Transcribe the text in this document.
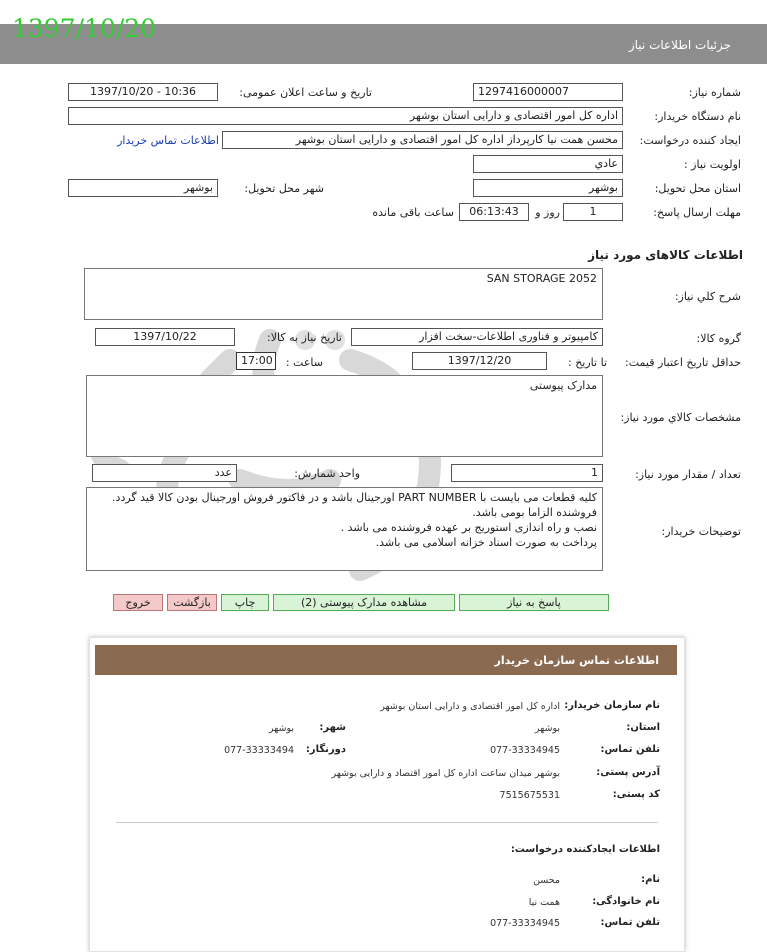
جزئیات اطلاعات نیاز
1397/10/20
شماره نیاز:
1297416000007
تاریخ و ساعت اعلان عمومی:
1397/10/20 - 10:36
نام دستگاه خریدار:
اداره کل امور اقتصادی و دارایی استان بوشهر
ایجاد کننده درخواست:
محسن همت نیا کارپرداز اداره کل امور اقتصادی و دارایی استان بوشهر
اطلاعات تماس خریدار
اولویت نیاز :
عادي
استان محل تحویل:
بوشهر
شهر محل تحویل:
بوشهر
مهلت ارسال پاسخ:
1
روز و
06:13:43
ساعت باقی مانده
اطلاعات کالاهای مورد نیاز
شرح کلي نیاز:
SAN STORAGE 2052
گروه کالا:
کامپیوتر و فناوری اطلاعات-سخت افزار
تاریخ نیاز به کالا:
1397/10/22
حداقل تاریخ اعتبار قیمت:
تا تاریخ :
1397/12/20
ساعت :
17:00
مشخصات کالاي مورد نیاز:
مدارک پیوستی
تعداد / مقدار مورد نیاز:
1
واحد شمارش:
عدد
توضیحات خریدار:
کلیه قطعات می بایست با PART NUMBER اورجینال باشد و در فاکتور فروش اورجینال بودن کالا قید گردد.
فروشنده الزاما بومی باشد.
نصب و راه اندازی استوریج بر عهده فروشنده می باشد .
پرداخت به صورت اسناد خزانه اسلامی می باشد.
پاسخ به نیاز
مشاهده مدارک پیوستی (2)
چاپ
بازگشت
خروج
اطلاعات تماس سازمان خریدار
نام سازمان خریدار:
اداره کل امور اقتصادی و دارایی استان بوشهر
استان:
بوشهر
شهر:
بوشهر
تلفن تماس:
077-33334945
دورنگار:
077-33333494
آدرس پستی:
بوشهر میدان ساعت اداره کل امور اقتصاد و دارایی بوشهر
کد پستی:
7515675531
اطلاعات ایجادکننده درخواست:
نام:
محسن
نام خانوادگی:
همت نیا
تلفن تماس:
077-33334945
